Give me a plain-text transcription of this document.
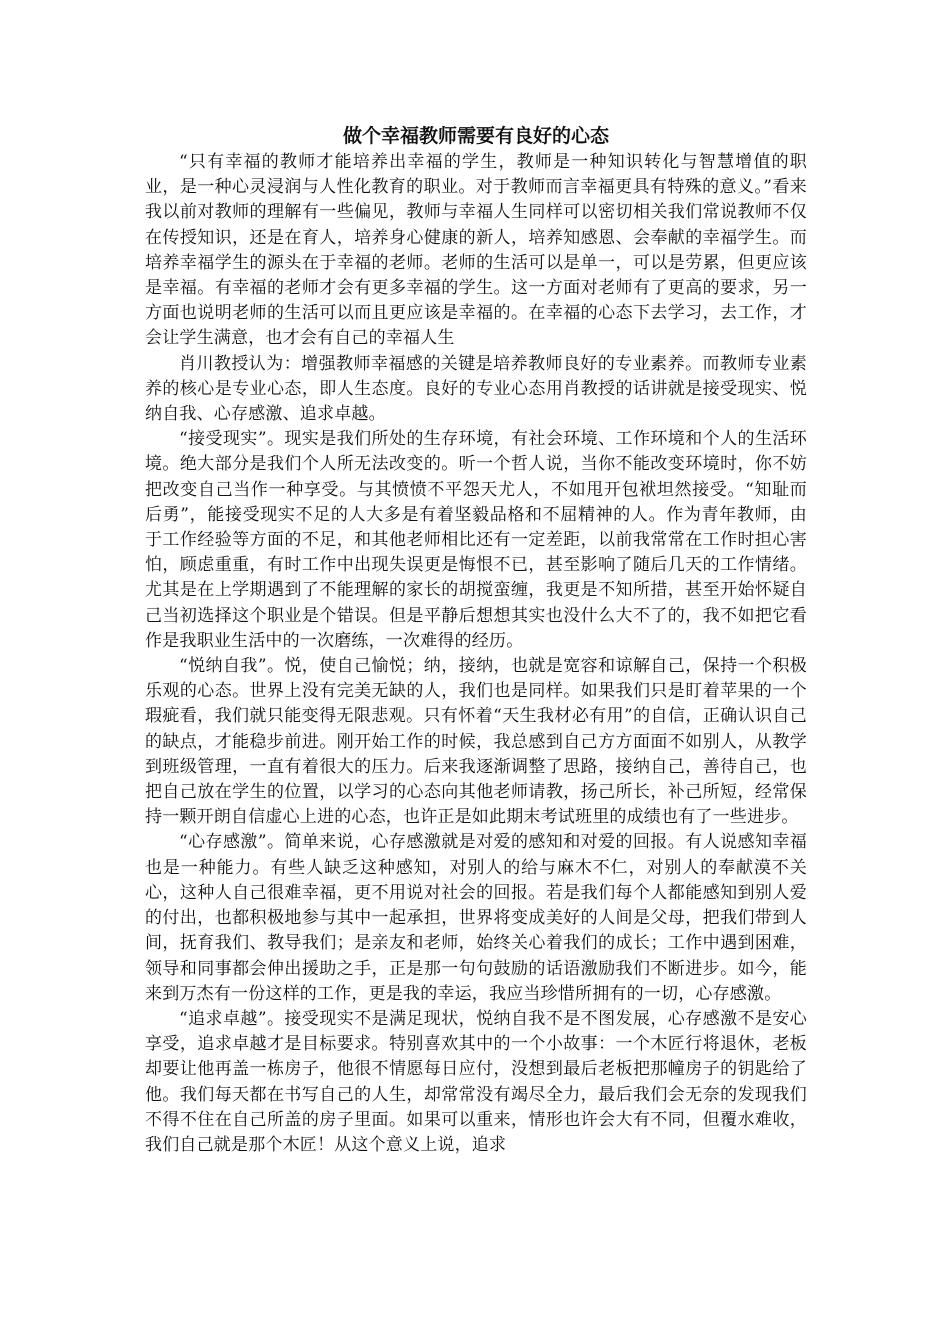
做个幸福教师需要有良好的心态

“只有幸福的教师才能培养出幸福的学生，教师是一种知识转化与智慧增值的职业，是一种心灵浸润与人性化教育的职业。对于教师而言幸福更具有特殊的意义。”看来我以前对教师的理解有一些偏见，教师与幸福人生同样可以密切相关我们常说教师不仅在传授知识，还是在育人，培养身心健康的新人，培养知感恩、会奉献的幸福学生。而培养幸福学生的源头在于幸福的老师。老师的生活可以是单一，可以是劳累，但更应该是幸福。有幸福的老师才会有更多幸福的学生。这一方面对老师有了更高的要求，另一方面也说明老师的生活可以而且更应该是幸福的。在幸福的心态下去学习，去工作，才会让学生满意，也才会有自己的幸福人生

肖川教授认为：增强教师幸福感的关键是培养教师良好的专业素养。而教师专业素养的核心是专业心态，即人生态度。良好的专业心态用肖教授的话讲就是接受现实、悦纳自我、心存感激、追求卓越。

“接受现实”。现实是我们所处的生存环境，有社会环境、工作环境和个人的生活环境。绝大部分是我们个人所无法改变的。听一个哲人说，当你不能改变环境时，你不妨把改变自己当作一种享受。与其愤愤不平怨天尤人，不如甩开包袱坦然接受。“知耻而后勇”，能接受现实不足的人大多是有着坚毅品格和不屈精神的人。作为青年教师，由于工作经验等方面的不足，和其他老师相比还有一定差距，以前我常常在工作时担心害怕，顾虑重重，有时工作中出现失误更是悔恨不已，甚至影响了随后几天的工作情绪。尤其是在上学期遇到了不能理解的家长的胡搅蛮缠，我更是不知所措，甚至开始怀疑自己当初选择这个职业是个错误。但是平静后想想其实也没什么大不了的，我不如把它看作是我职业生活中的一次磨练，一次难得的经历。

“悦纳自我”。悦，使自己愉悦；纳，接纳，也就是宽容和谅解自己，保持一个积极乐观的心态。世界上没有完美无缺的人，我们也是同样。如果我们只是盯着苹果的一个瑕疵看，我们就只能变得无限悲观。只有怀着“天生我材必有用”的自信，正确认识自己的缺点，才能稳步前进。刚开始工作的时候，我总感到自己方方面面不如别人，从教学到班级管理，一直有着很大的压力。后来我逐渐调整了思路，接纳自己，善待自己，也把自己放在学生的位置，以学习的心态向其他老师请教，扬己所长，补己所短，经常保持一颗开朗自信虚心上进的心态，也许正是如此期末考试班里的成绩也有了一些进步。

“心存感激”。简单来说，心存感激就是对爱的感知和对爱的回报。有人说感知幸福也是一种能力。有些人缺乏这种感知，对别人的给与麻木不仁，对别人的奉献漠不关心，这种人自己很难幸福，更不用说对社会的回报。若是我们每个人都能感知到别人爱的付出，也都积极地参与其中一起承担，世界将变成美好的人间是父母，把我们带到人间，抚育我们、教导我们；是亲友和老师，始终关心着我们的成长；工作中遇到困难，领导和同事都会伸出援助之手，正是那一句句鼓励的话语激励我们不断进步。如今，能来到万杰有一份这样的工作，更是我的幸运，我应当珍惜所拥有的一切，心存感激。

“追求卓越”。接受现实不是满足现状，悦纳自我不是不图发展，心存感激不是安心享受，追求卓越才是目标要求。特别喜欢其中的一个小故事：一个木匠行将退休，老板却要让他再盖一栋房子，他很不情愿每日应付，没想到最后老板把那幢房子的钥匙给了他。我们每天都在书写自己的人生，却常常没有竭尽全力，最后我们会无奈的发现我们不得不住在自己所盖的房子里面。如果可以重来，情形也许会大有不同，但覆水难收，我们自己就是那个木匠！从这个意义上说，追求
